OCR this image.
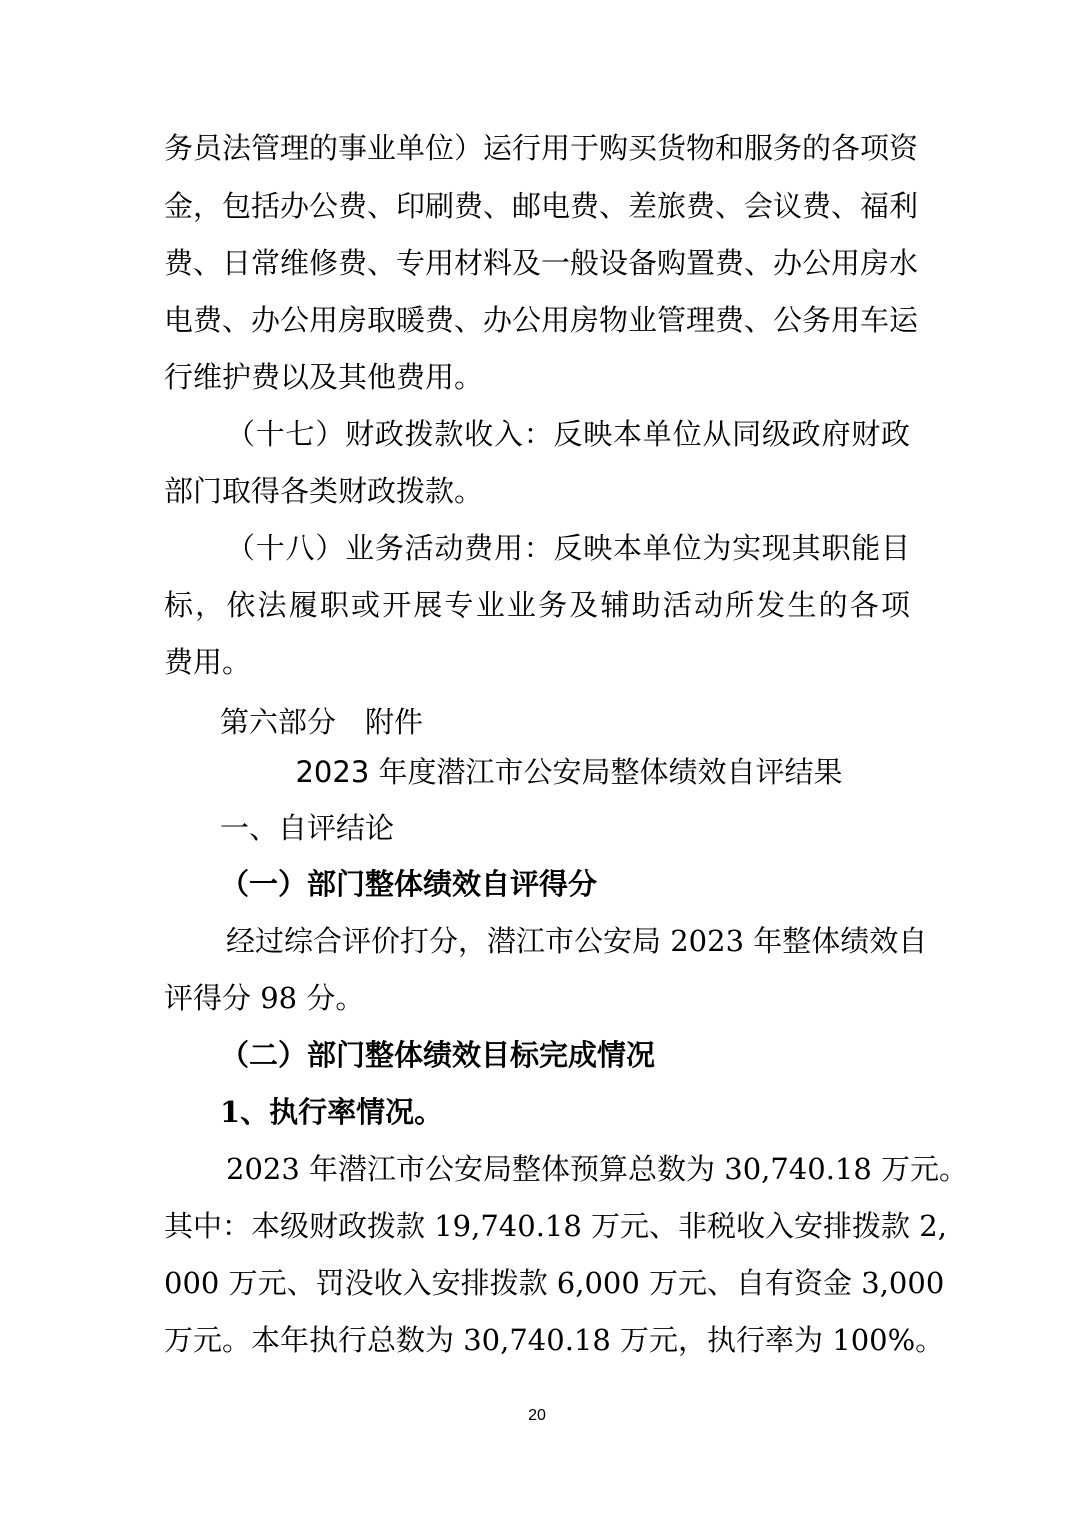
务员法管理的事业单位）运行用于购买货物和服务的各项资
金，包括办公费、印刷费、邮电费、差旅费、会议费、福利
费、日常维修费、专用材料及一般设备购置费、办公用房水
电费、办公用房取暖费、办公用房物业管理费、公务用车运
行维护费以及其他费用。
（十七）财政拨款收入：反映本单位从同级政府财政
部门取得各类财政拨款。
（十八）业务活动费用：反映本单位为实现其职能目
标，依法履职或开展专业业务及辅助活动所发生的各项
费用。
第六部分　附件
2023 年度潜江市公安局整体绩效自评结果
一、自评结论
（一）部门整体绩效自评得分
经过综合评价打分，潜江市公安局 2023 年整体绩效自
评得分 98 分。
（二）部门整体绩效目标完成情况
1、执行率情况。
2023 年潜江市公安局整体预算总数为 30,740.18 万元。
其中：本级财政拨款 19,740.18 万元、非税收入安排拨款 2,
000 万元、罚没收入安排拨款 6,000 万元、自有资金 3,000
万元。本年执行总数为 30,740.18 万元，执行率为 100%。
20
